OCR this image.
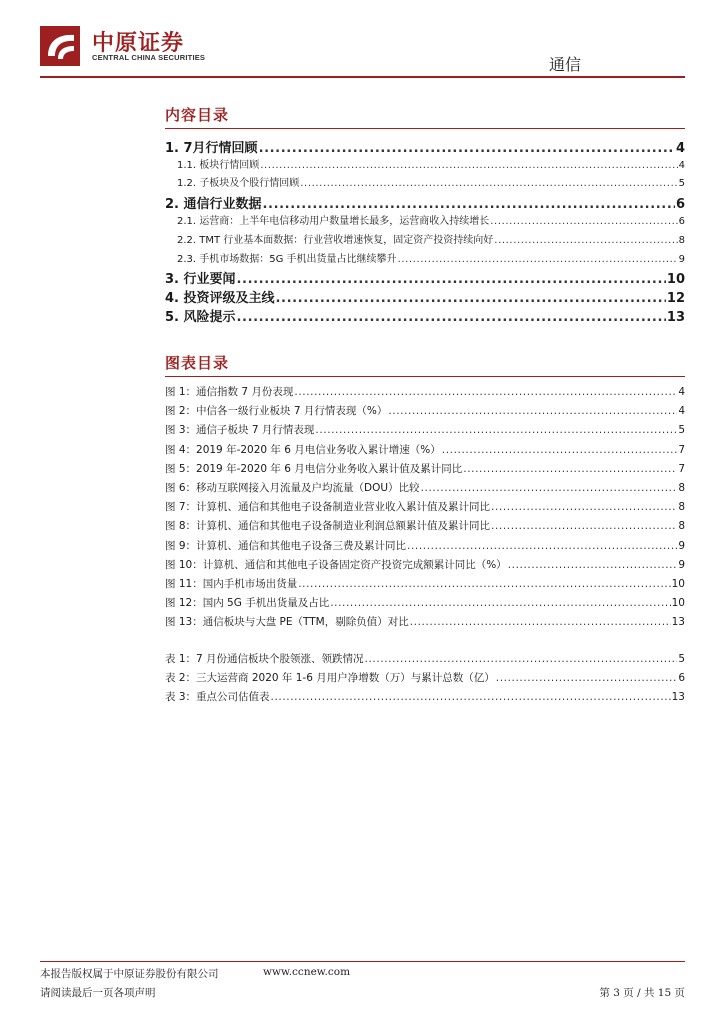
中原证券
CENTRAL CHINA SECURITIES	通信
内容目录
1. 7月行情回顾 .....	4
1.1. 板块行情回顾 .....	4
1.2. 子板块及个股行情回顾 .....	5
2. 通信行业数据 .....	6
2.1. 运营商：上半年电信移动用户数量增长最多，运营商收入持续增长 .....	6
2.2. TMT 行业基本面数据：行业营收增速恢复，固定资产投资持续向好 .....	8
2.3. 手机市场数据：5G 手机出货量占比继续攀升 .....	9
3. 行业要闻 .....	10
4. 投资评级及主线 .....	12
5. 风险提示 .....	13
图表目录
图 1：通信指数 7 月份表现 .....	4
图 2：中信各一级行业板块 7 月行情表现（%） .....	4
图 3：通信子板块 7 月行情表现 .....	5
图 4：2019 年-2020 年 6 月电信业务收入累计增速（%） .....	7
图 5：2019 年-2020 年 6 月电信分业务收入累计值及累计同比 .....	7
图 6：移动互联网接入月流量及户均流量（DOU）比较 .....	8
图 7：计算机、通信和其他电子设备制造业营业收入累计值及累计同比 .....	8
图 8：计算机、通信和其他电子设备制造业利润总额累计值及累计同比 .....	8
图 9：计算机、通信和其他电子设备三费及累计同比 .....	9
图 10：计算机、通信和其他电子设备固定资产投资完成额累计同比（%） .....	9
图 11：国内手机市场出货量 .....	10
图 12：国内 5G 手机出货量及占比 .....	10
图 13：通信板块与大盘 PE（TTM，剔除负值）对比 .....	13
表 1：7 月份通信板块个股领涨、领跌情况 .....	5
表 2：三大运营商 2020 年 1-6 月用户净增数（万）与累计总数（亿） .....	6
表 3：重点公司估值表 .....	13
本报告版权属于中原证券股份有限公司	www.ccnew.com
请阅读最后一页各项声明	第 3 页 / 共 15 页
